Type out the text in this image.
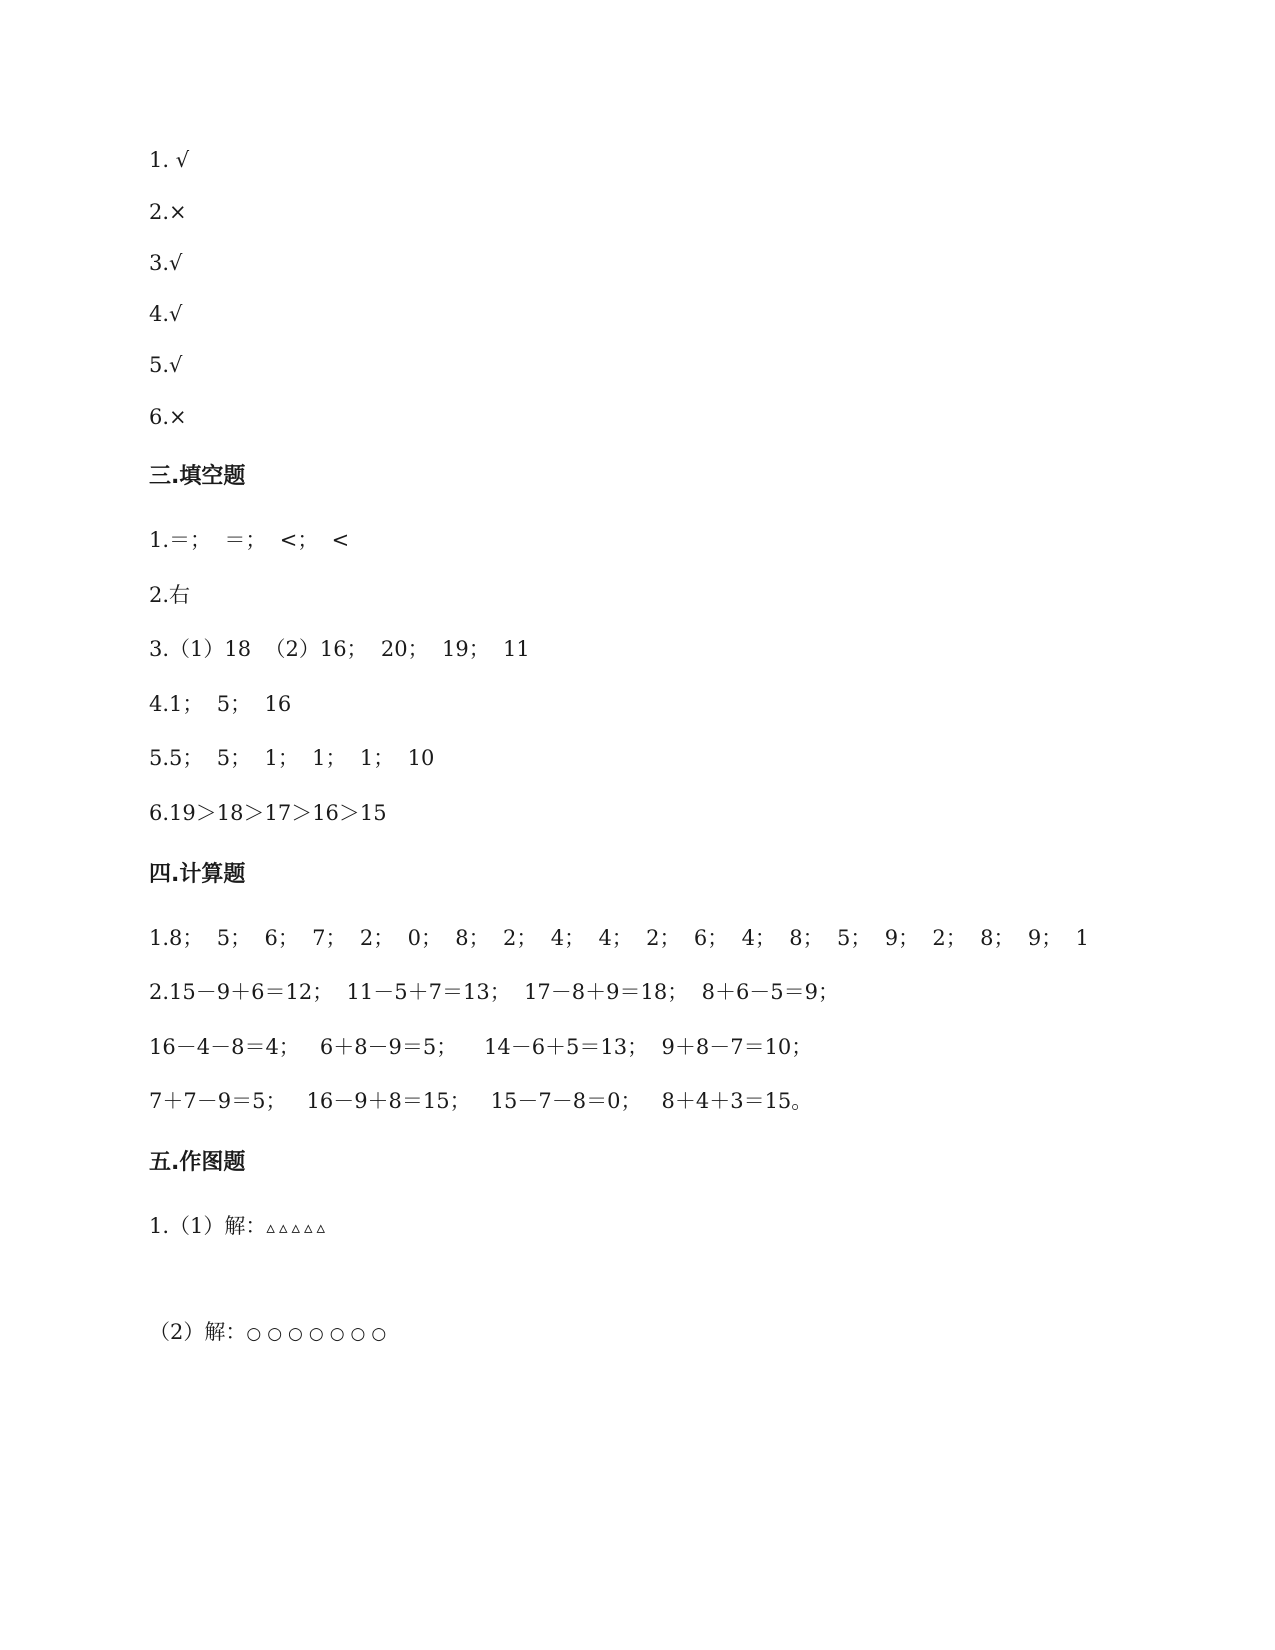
1. √
2.×
3.√
4.√
5.√
6.×
三.填空题
1.＝；  ＝；  <；  <
2.右
3.（1）18  （2）16；  20；  19；  11
4.1；  5；  16
5.5；  5；  1；  1；  1；  10
6.19＞18＞17＞16＞15
四.计算题
1.8；  5；  6；  7；  2；  0；  8；  2；  4；  4；  2；  6；  4；  8；  5；  9；  2；  8；  9；  1
2.15－9＋6＝12；  11－5＋7＝13；  17－8＋9＝18；  8＋6－5＝9；
16－4－8＝4；   6＋8－9＝5；    14－6＋5＝13；  9＋8－7＝10；
7＋7－9＝5；   16－9＋8＝15；   15－7－8＝0；   8＋4＋3＝15。
五.作图题
1.（1）解：▵▵▵▵▵
（2）解：○○○○○○○
